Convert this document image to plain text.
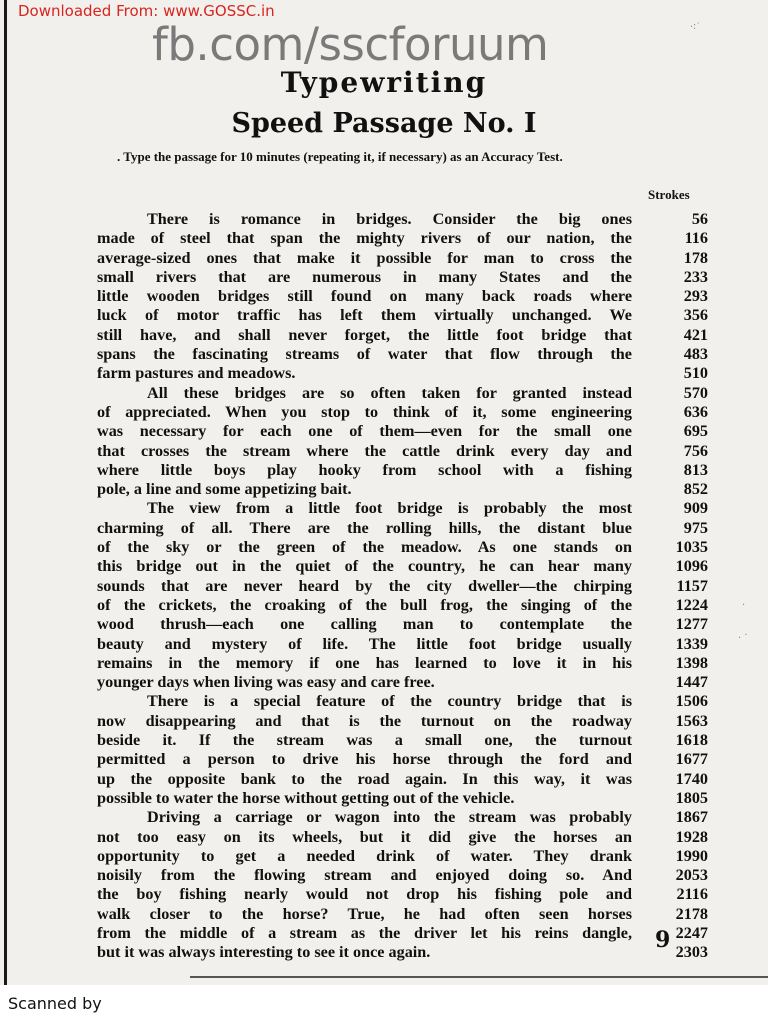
Downloaded From: www.GOSSC.in
fb.com/sscforuum
Typewriting
Speed Passage No. I
. Type the passage for 10 minutes (repeating it, if necessary) as an Accuracy Test.
Strokes
There is romance in bridges. Consider the big ones	56
made of steel that span the mighty rivers of our nation, the	116
average-sized ones that make it possible for man to cross the	178
small rivers that are numerous in many States and the	233
little wooden bridges still found on many back roads where	293
luck of motor traffic has left them virtually unchanged. We	356
still have, and shall never forget, the little foot bridge that	421
spans the fascinating streams of water that flow through the	483
farm pastures and meadows.	510
All these bridges are so often taken for granted instead	570
of appreciated. When you stop to think of it, some engineering	636
was necessary for each one of them—even for the small one	695
that crosses the stream where the cattle drink every day and	756
where little boys play hooky from school with a fishing	813
pole, a line and some appetizing bait.	852
The view from a little foot bridge is probably the most	909
charming of all. There are the rolling hills, the distant blue	975
of the sky or the green of the meadow. As one stands on	1035
this bridge out in the quiet of the country, he can hear many	1096
sounds that are never heard by the city dweller—the chirping	1157
of the crickets, the croaking of the bull frog, the singing of the	1224
wood thrush—each one calling man to contemplate the	1277
beauty and mystery of life. The little foot bridge usually	1339
remains in the memory if one has learned to love it in his	1398
younger days when living was easy and care free.	1447
There is a special feature of the country bridge that is	1506
now disappearing and that is the turnout on the roadway	1563
beside it. If the stream was a small one, the turnout	1618
permitted a person to drive his horse through the ford and	1677
up the opposite bank to the road again. In this way, it was	1740
possible to water the horse without getting out of the vehicle.	1805
Driving a carriage or wagon into the stream was probably	1867
not too easy on its wheels, but it did give the horses an	1928
opportunity to get a needed drink of water. They drank	1990
noisily from the flowing stream and enjoyed doing so. And	2053
the boy fishing nearly would not drop his fishing pole and	2116
walk closer to the horse? True, he had often seen horses	2178
from the middle of a stream as the driver let his reins dangle,	2247
but it was always interesting to see it once again.	2303
9
·∶˙
·
. ·
Scanned by
